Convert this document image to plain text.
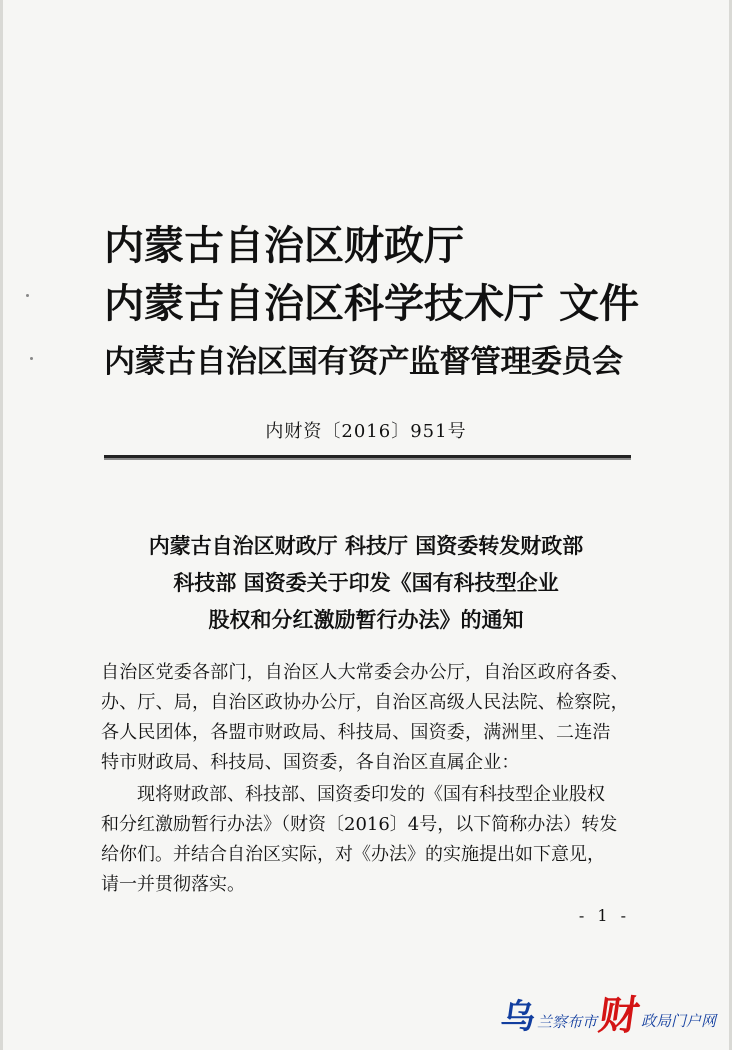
内蒙古自治区财政厅
内蒙古自治区科学技术厅 文件
内蒙古自治区国有资产监督管理委员会
内财资〔2016〕951号
内蒙古自治区财政厅 科技厅 国资委转发财政部
科技部 国资委关于印发《国有科技型企业
股权和分红激励暂行办法》的通知

自治区党委各部门，自治区人大常委会办公厅，自治区政府各委、
办、厅、局，自治区政协办公厅，自治区高级人民法院、检察院，
各人民团体，各盟市财政局、科技局、国资委，满洲里、二连浩
特市财政局、科技局、国资委，各自治区直属企业：

现将财政部、科技部、国资委印发的《国有科技型企业股权
和分红激励暂行办法》（财资〔2016〕4号，以下简称办法）转发
给你们。并结合自治区实际，对《办法》的实施提出如下意见，
请一并贯彻落实。

- 1 -
乌 兰察布市
财
政局门户网
